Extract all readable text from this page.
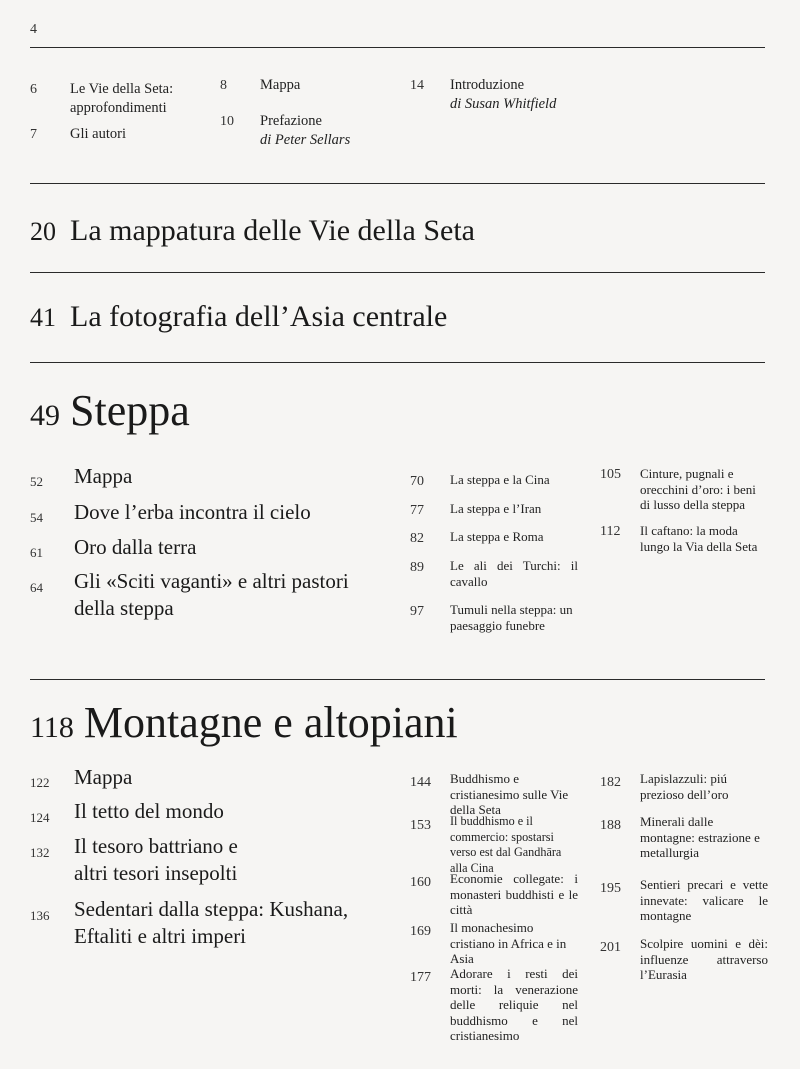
4
6 Le Vie della Seta: approfondimenti
7 Gli autori
8 Mappa
10 Prefazione
di Peter Sellars
14 Introduzione
di Susan Whitfield
20 La mappatura delle Vie della Seta
41 La fotografia dell’Asia centrale
49 Steppa
52 Mappa
54 Dove l’erba incontra il cielo
61 Oro dalla terra
64 Gli «Sciti vaganti» e altri pastori della steppa
70 La steppa e la Cina
77 La steppa e l’Iran
82 La steppa e Roma
89 Le ali dei Turchi: il cavallo
97 Tumuli nella steppa: un paesaggio funebre
105 Cinture, pugnali e orecchini d’oro: i beni di lusso della steppa
112 Il caftano: la moda lungo la Via della Seta
118 Montagne e altopiani
122 Mappa
124 Il tetto del mondo
132 Il tesoro battriano e altri tesori insepolti
136 Sedentari dalla steppa: Kushana, Eftaliti e altri imperi
144 Buddhismo e cristianesimo sulle Vie della Seta
153 Il buddhismo e il commercio: spostarsi verso est dal Gandhāra alla Cina
160 Economie collegate: i monasteri buddhisti e le città
169 Il monachesimo cristiano in Africa e in Asia
177 Adorare i resti dei morti: la venerazione delle reliquie nel buddhismo e nel cristianesimo
182 Lapislazzuli: piú prezioso dell’oro
188 Minerali dalle montagne: estrazione e metallurgia
195 Sentieri precari e vette innevate: valicare le montagne
201 Scolpire uomini e dèi: influenze attraverso l’Eurasia
